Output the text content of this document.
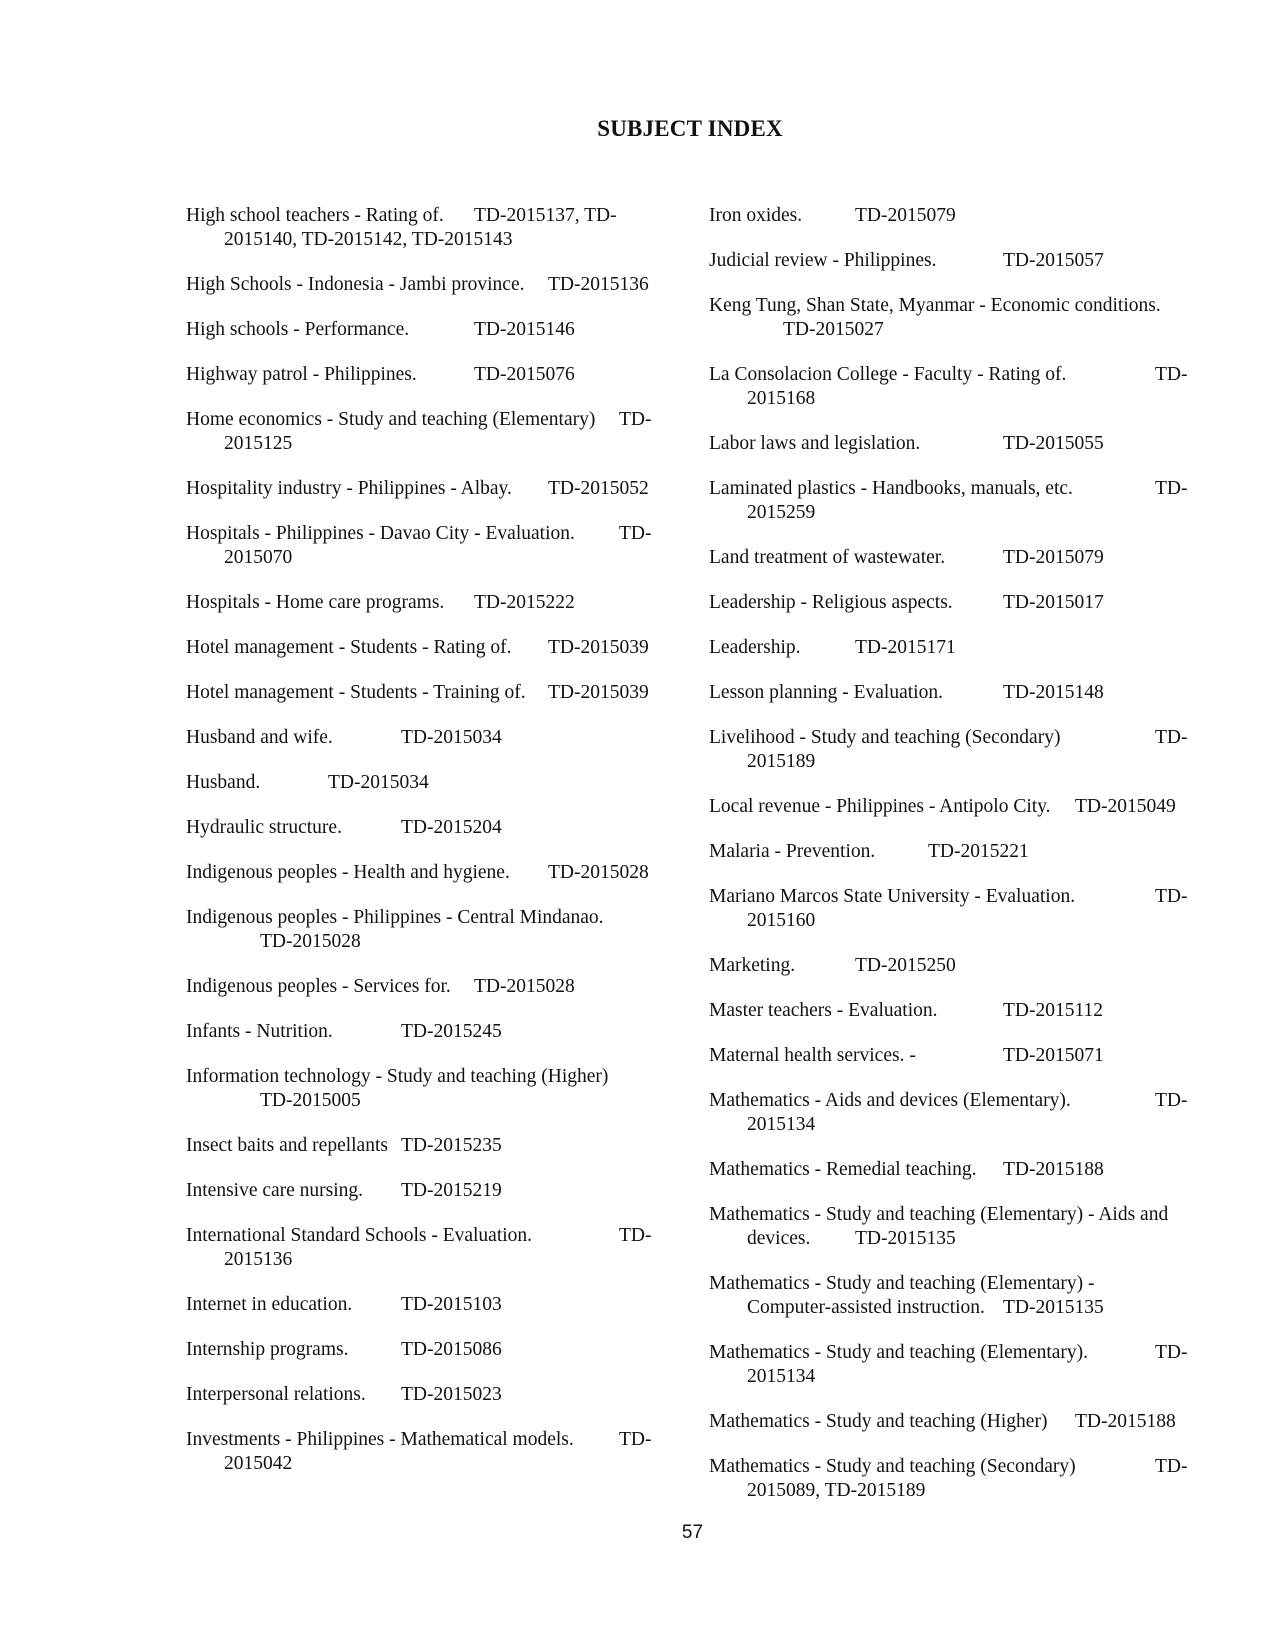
SUBJECT INDEX
High school teachers - Rating of. TD-2015137, TD-
2015140, TD-2015142, TD-2015143
High Schools - Indonesia - Jambi province. TD-2015136
High schools - Performance.	TD-2015146
Highway patrol - Philippines.	TD-2015076
Home economics - Study and teaching (Elementary) TD-
2015125
Hospitality industry - Philippines - Albay. TD-2015052
Hospitals - Philippines - Davao City - Evaluation. TD-
2015070
Hospitals - Home care programs. TD-2015222
Hotel management - Students - Rating of. TD-2015039
Hotel management - Students - Training of. TD-2015039
Husband and wife.	TD-2015034
Husband.	TD-2015034
Hydraulic structure.	TD-2015204
Indigenous peoples - Health and hygiene. TD-2015028
Indigenous peoples - Philippines - Central Mindanao.
TD-2015028
Indigenous peoples - Services for. TD-2015028
Infants - Nutrition.	TD-2015245
Information technology - Study and teaching (Higher)
TD-2015005
Insect baits and repellants TD-2015235
Intensive care nursing. TD-2015219
International Standard Schools - Evaluation.	TD-
2015136
Internet in education.	TD-2015103
Internship programs.	TD-2015086
Interpersonal relations. TD-2015023
Investments - Philippines - Mathematical models. TD-
2015042
Iron oxides.	TD-2015079
Judicial review - Philippines.	TD-2015057
Keng Tung, Shan State, Myanmar - Economic conditions.
TD-2015027
La Consolacion College - Faculty - Rating of.	TD-
2015168
Labor laws and legislation.	TD-2015055
Laminated plastics - Handbooks, manuals, etc.	TD-
2015259
Land treatment of wastewater.	TD-2015079
Leadership - Religious aspects.	TD-2015017
Leadership.	TD-2015171
Lesson planning - Evaluation.	TD-2015148
Livelihood - Study and teaching (Secondary)	TD-
2015189
Local revenue - Philippines - Antipolo City. TD-2015049
Malaria - Prevention.	TD-2015221
Mariano Marcos State University - Evaluation.	TD-
2015160
Marketing.	TD-2015250
Master teachers - Evaluation.	TD-2015112
Maternal health services. -	TD-2015071
Mathematics - Aids and devices (Elementary).	TD-
2015134
Mathematics - Remedial teaching. TD-2015188
Mathematics - Study and teaching (Elementary) - Aids and
devices. TD-2015135
Mathematics - Study and teaching (Elementary) -
Computer-assisted instruction. TD-2015135
Mathematics - Study and teaching (Elementary).	TD-
2015134
Mathematics - Study and teaching (Higher) TD-2015188
Mathematics - Study and teaching (Secondary)	TD-
2015089, TD-2015189
57
